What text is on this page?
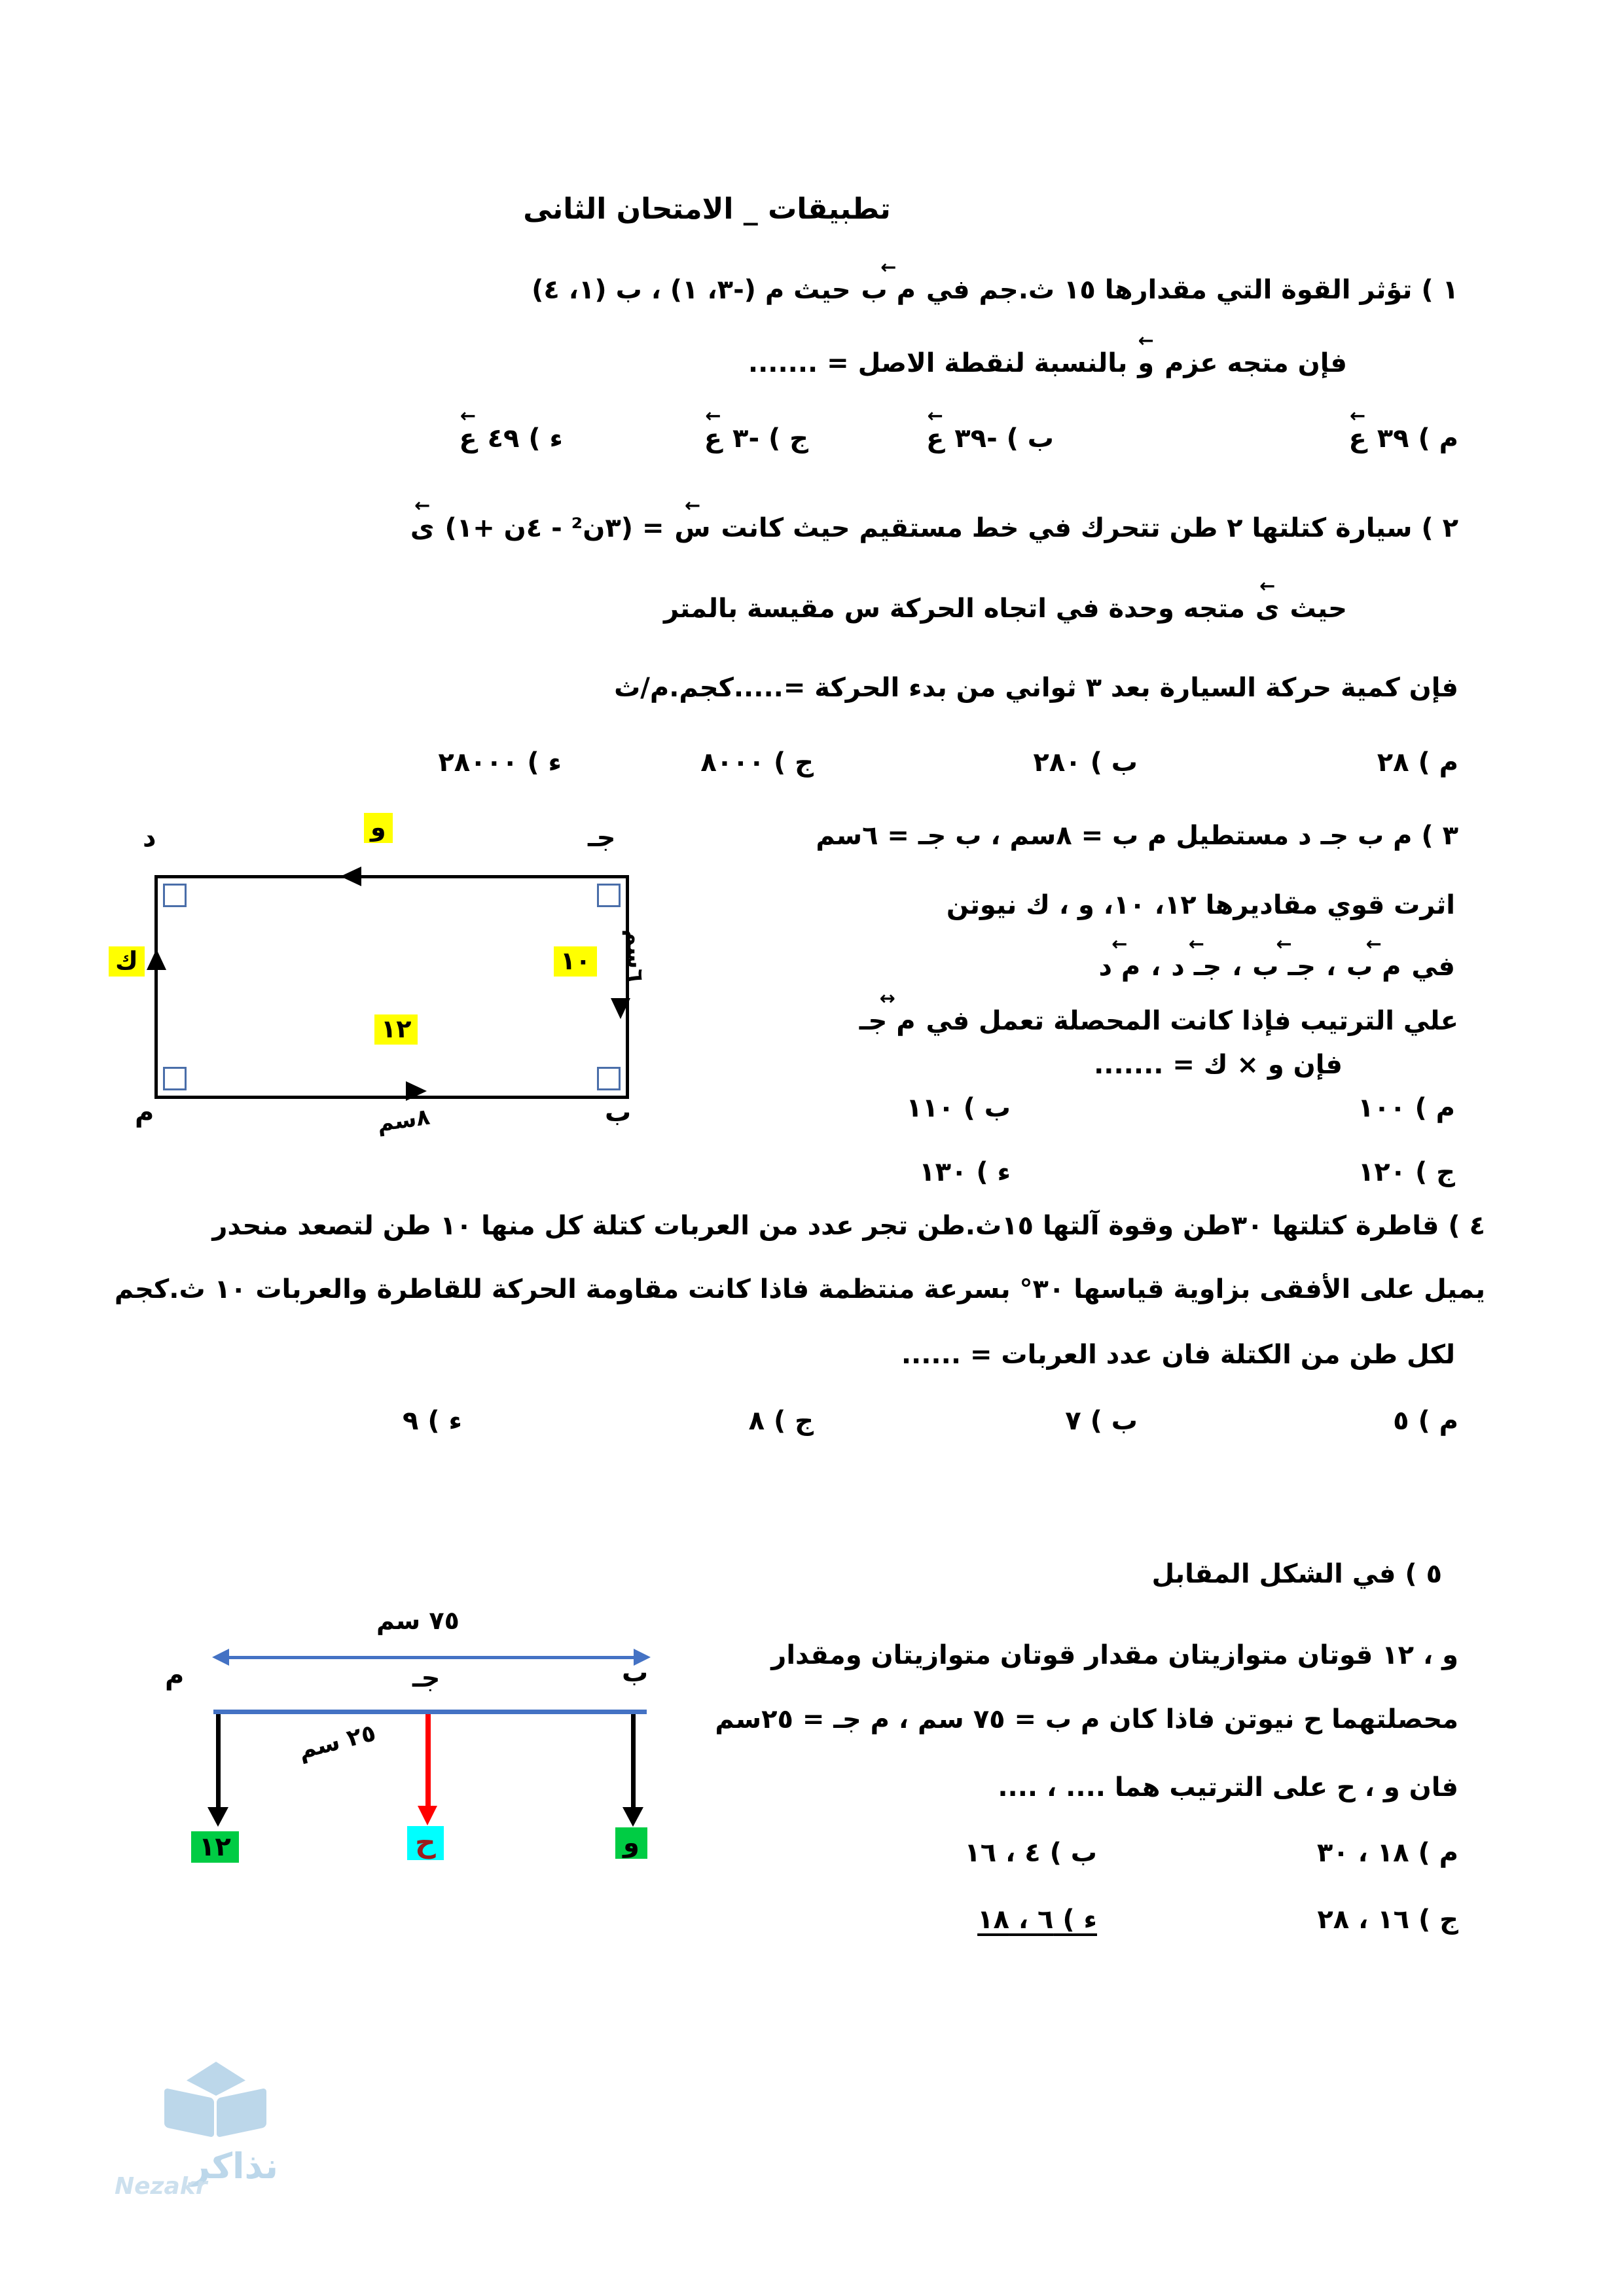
تطبيقات _ الامتحان الثانى
١ ) تؤثر القوة التي مقدارها ١٥ ث.جم في ← م ب حيث م (-٣، ١) ، ب (١، ٤)
فإن متجه عزم ← و بالنسبة لنقطة الاصل = .......
م ) ٣٩ ← ع
ب ) -٣٩ ← ع
ج ) -٣ ← ع
ء ) ٤٩ ← ع
٢ ) سيارة كتلتها ٢ طن تتحرك في خط مستقيم حيث كانت ← س = (٣ن² - ٤ن +١) ← ى
حيث ← ى متجه وحدة في اتجاه الحركة س مقيسة بالمتر
فإن كمية حركة السيارة بعد ٣ ثواني من بدء الحركة =.....كجم.م/ث
م ) ٢٨
ب ) ٢٨٠
ج ) ٨٠٠٠
ء ) ٢٨٠٠٠
٣ ) م ب جـ د مستطيل م ب = ٨سم ، ب جـ = ٦سم
اثرت قوي مقاديرها ١٢، ١٠، و ، ك نيوتن
في ← م ب ، ← جـ ب ، ← جـ د ، ← م د
علي الترتيب فإذا كانت المحصلة تعمل في ↔ م جـ
فإن و × ك = .......
م ) ١٠٠
ب ) ١١٠
ج ) ١٢٠
ء ) ١٣٠
د	جـ
م	ب
و
١٠
١٢
ك
٨سم
٦سم
٤ ) قاطرة كتلتها ٣٠طن وقوة آلتها ١٥ث.طن تجر عدد من العربات كتلة كل منها ١٠ طن لتصعد منحدر
يميل على الأفقى بزاوية قياسها ٣٠° بسرعة منتظمة فاذا كانت مقاومة الحركة للقاطرة والعربات ١٠ ث.كجم
لكل طن من الكتلة فان عدد العربات = ......
م ) ٥
ب ) ٧
ج ) ٨
ء ) ٩
٥ ) في الشكل المقابل
و ، ١٢ قوتان متوازيتان مقدار قوتان متوازيتان ومقدار
محصلتهما ح نيوتن فاذا كان م ب = ٧٥ سم ، م جـ = ٢٥سم
فان و ، ح على الترتيب هما .... ، ....
م ) ١٨ ، ٣٠
ب ) ٤ ، ١٦
ج ) ١٦ ، ٢٨
ء ) ٦ ، ١٨
٧٥ سم
٢٥ سم
م	جـ	ب
١٢	ح	و
نذاكر
Nezakr
